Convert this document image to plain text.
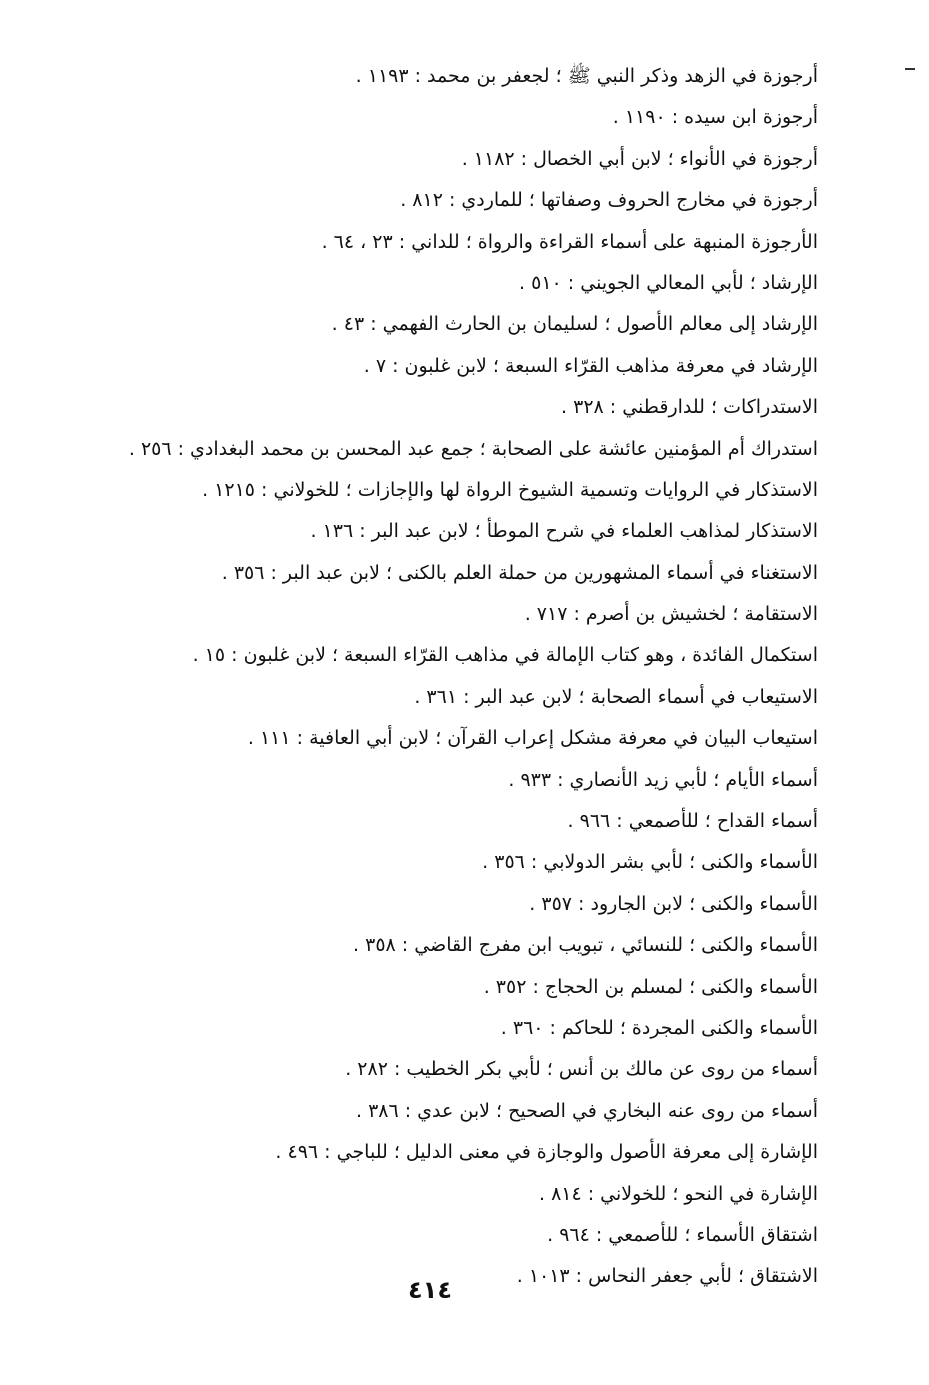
أرجوزة في الزهد وذكر النبي ﷺ ؛ لجعفر بن محمد : ١١٩٣ .
أرجوزة ابن سيده : ١١٩٠ .
أرجوزة في الأنواء ؛ لابن أبي الخصال : ١١٨٢ .
أرجوزة في مخارج الحروف وصفاتها ؛ للماردي : ٨١٢ .
الأرجوزة المنبهة على أسماء القراءة والرواة ؛ للداني : ٢٣ ، ٦٤ .
الإرشاد ؛ لأبي المعالي الجويني : ٥١٠ .
الإرشاد إلى معالم الأصول ؛ لسليمان بن الحارث الفهمي : ٤٣ .
الإرشاد في معرفة مذاهب القرّاء السبعة ؛ لابن غلبون : ٧ .
الاستدراكات ؛ للدارقطني : ٣٢٨ .
استدراك أم المؤمنين عائشة على الصحابة ؛ جمع عبد المحسن بن محمد البغدادي : ٢٥٦ .
الاستذكار في الروايات وتسمية الشيوخ الرواة لها والإجازات ؛ للخولاني : ١٢١٥ .
الاستذكار لمذاهب العلماء في شرح الموطأ ؛ لابن عبد البر : ١٣٦ .
الاستغناء في أسماء المشهورين من حملة العلم بالكنى ؛ لابن عبد البر : ٣٥٦ .
الاستقامة ؛ لخشيش بن أصرم : ٧١٧ .
استكمال الفائدة ، وهو كتاب الإمالة في مذاهب القرّاء السبعة ؛ لابن غلبون : ١٥ .
الاستيعاب في أسماء الصحابة ؛ لابن عبد البر : ٣٦١ .
استيعاب البيان في معرفة مشكل إعراب القرآن ؛ لابن أبي العافية : ١١١ .
أسماء الأيام ؛ لأبي زيد الأنصاري : ٩٣٣ .
أسماء القداح ؛ للأصمعي : ٩٦٦ .
الأسماء والكنى ؛ لأبي بشر الدولابي : ٣٥٦ .
الأسماء والكنى ؛ لابن الجارود : ٣٥٧ .
الأسماء والكنى ؛ للنسائي ، تبويب ابن مفرج القاضي : ٣٥٨ .
الأسماء والكنى ؛ لمسلم بن الحجاج : ٣٥٢ .
الأسماء والكنى المجردة ؛ للحاكم : ٣٦٠ .
أسماء من روى عن مالك بن أنس ؛ لأبي بكر الخطيب : ٢٨٢ .
أسماء من روى عنه البخاري في الصحيح ؛ لابن عدي : ٣٨٦ .
الإشارة إلى معرفة الأصول والوجازة في معنى الدليل ؛ للباجي : ٤٩٦ .
الإشارة في النحو ؛ للخولاني : ٨١٤ .
اشتقاق الأسماء ؛ للأصمعي : ٩٦٤ .
الاشتقاق ؛ لأبي جعفر النحاس : ١٠١٣ .
٤١٤
